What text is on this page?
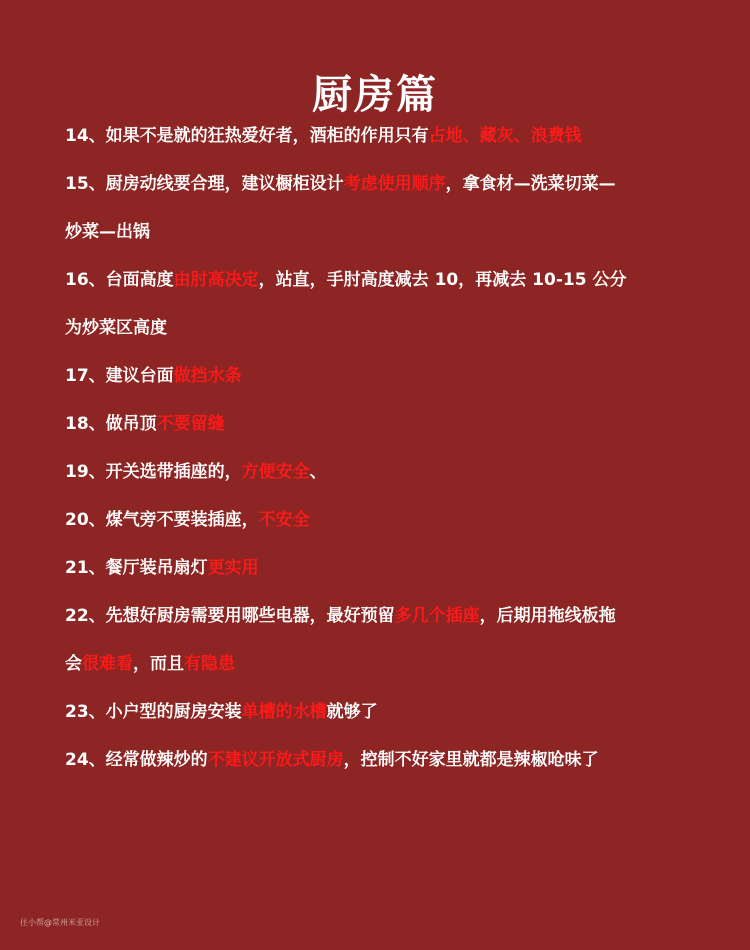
厨房篇
14、如果不是就的狂热爱好者，酒柜的作用只有占地、藏灰、浪费钱
15、厨房动线要合理，建议橱柜设计考虑使用顺序，拿食材—洗菜切菜—
炒菜—出锅
16、台面高度由肘高决定，站直，手肘高度减去 10，再减去 10-15 公分
为炒菜区高度
17、建议台面做挡水条
18、做吊顶不要留缝
19、开关选带插座的，方便安全、
20、煤气旁不要装插座，不安全
21、餐厅装吊扇灯更实用
22、先想好厨房需要用哪些电器，最好预留多几个插座，后期用拖线板拖
会很难看，而且有隐患
23、小户型的厨房安装单槽的水槽就够了
24、经常做辣炒的不建议开放式厨房，控制不好家里就都是辣椒呛味了
住小帮@常州米亚设计
